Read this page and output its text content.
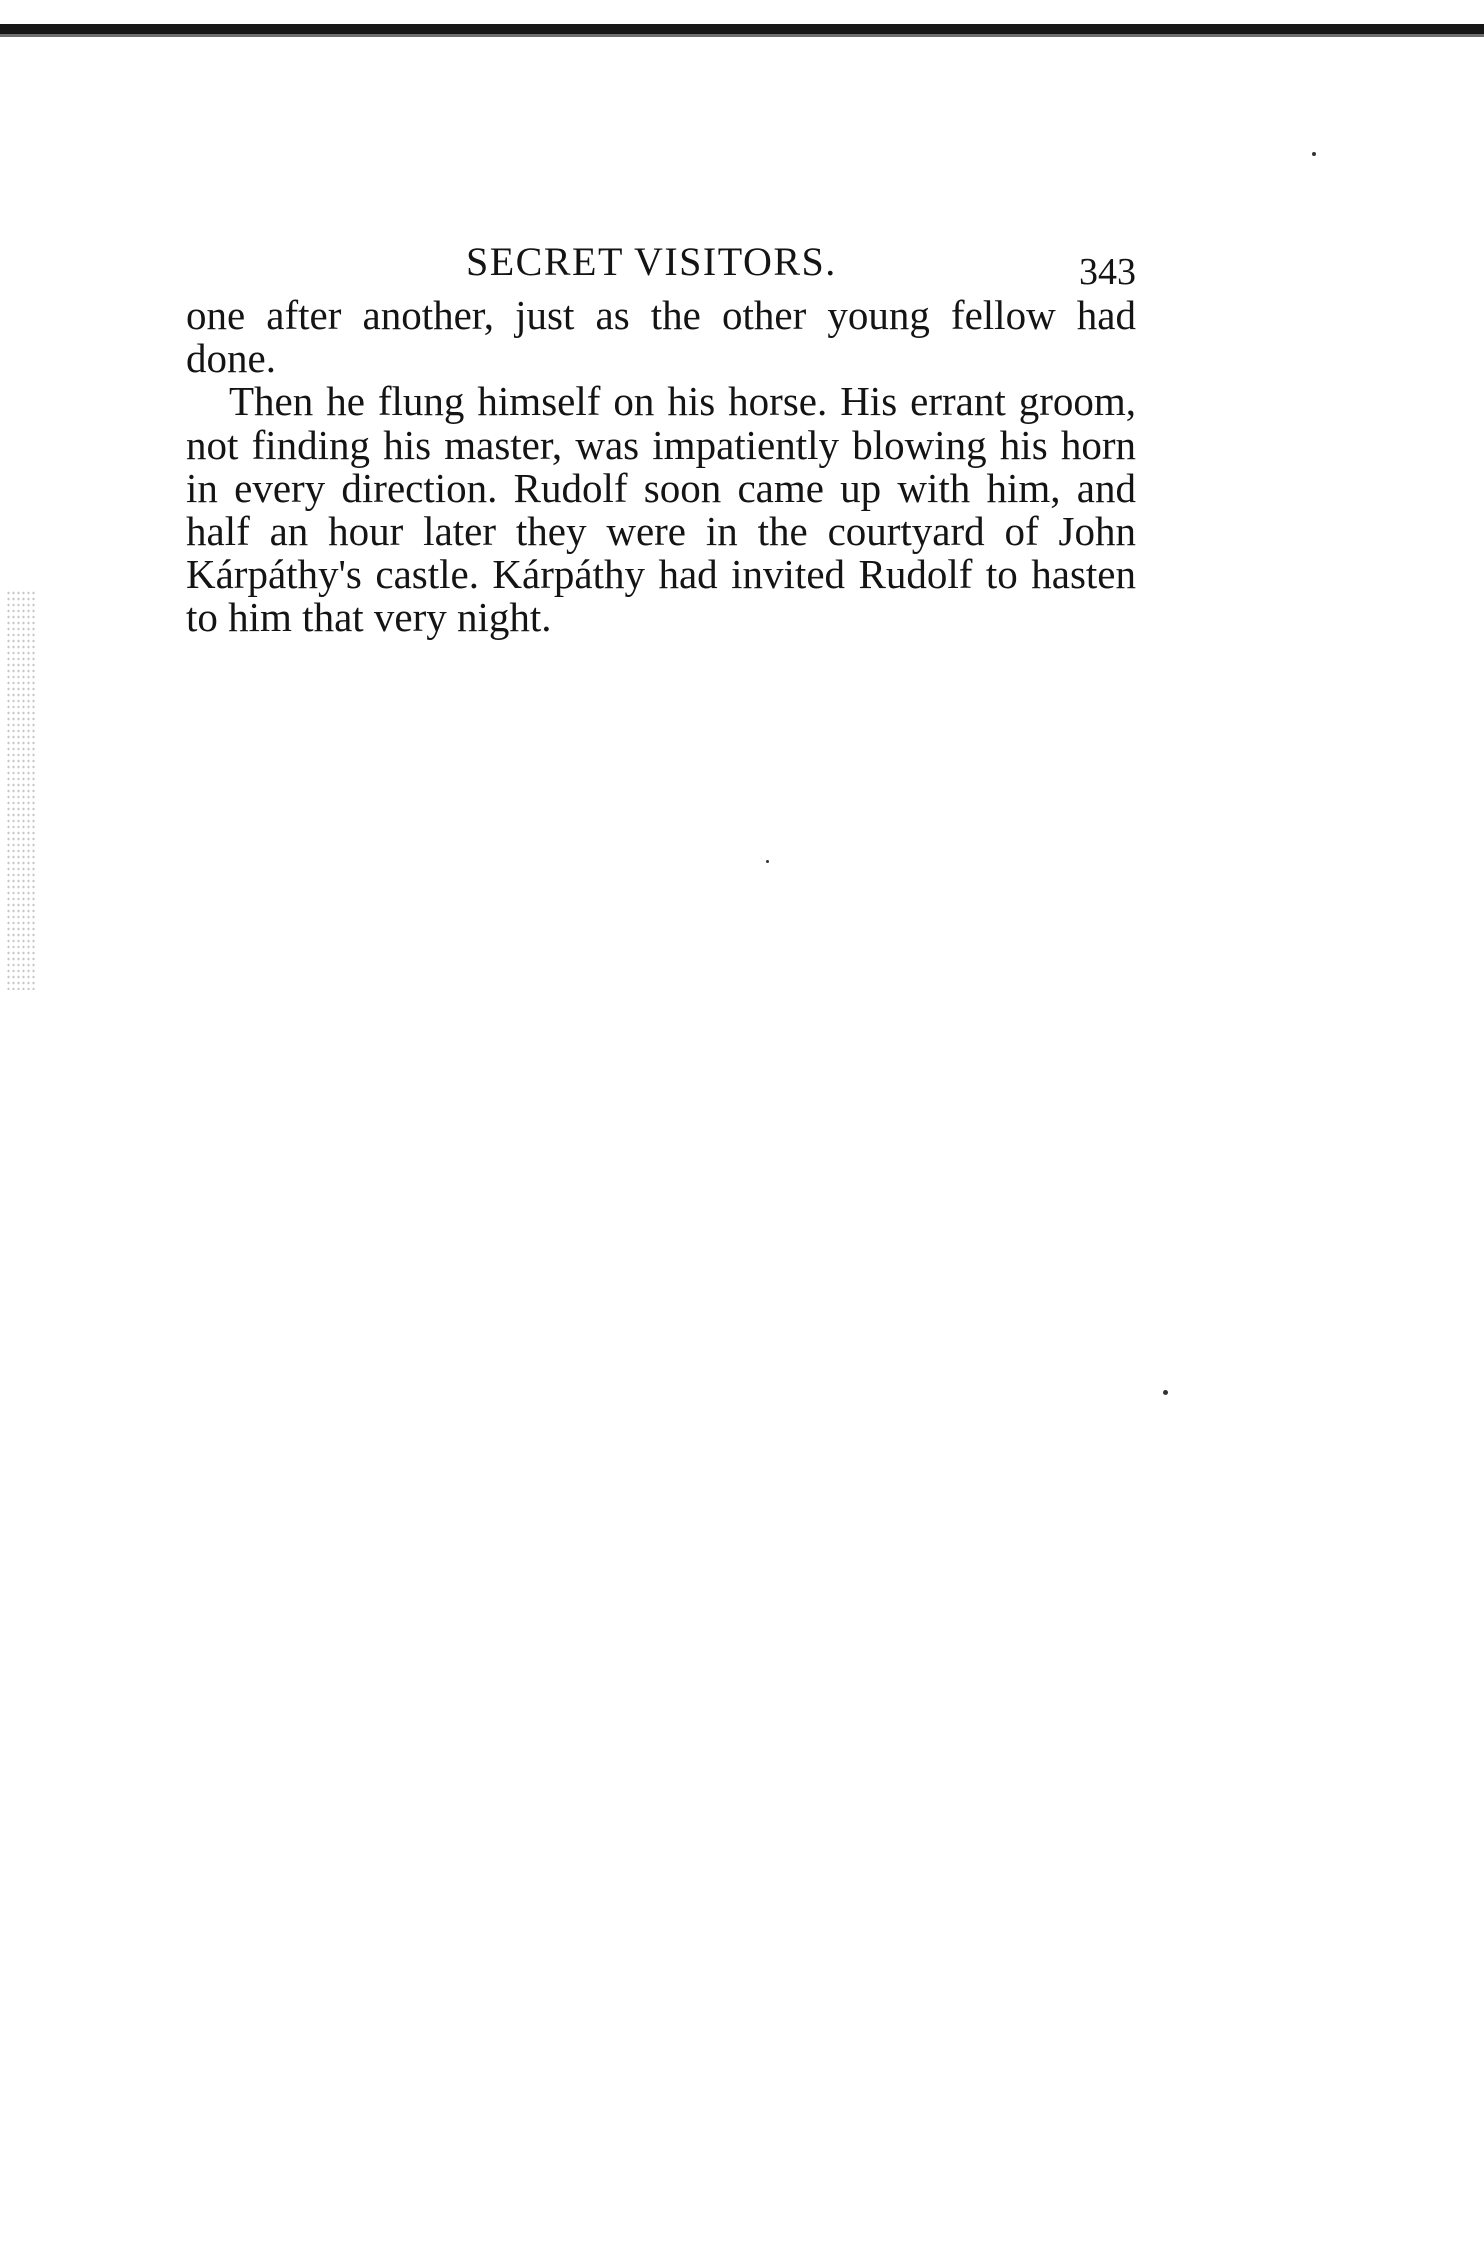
SECRET VISITORS.	343

one after another, just as the other young fellow had done.

Then he flung himself on his horse. His errant groom, not finding his master, was impatiently blowing his horn in every direction. Rudolf soon came up with him, and half an hour later they were in the courtyard of John Kárpáthy's castle. Kárpáthy had invited Rudolf to hasten to him that very night.
